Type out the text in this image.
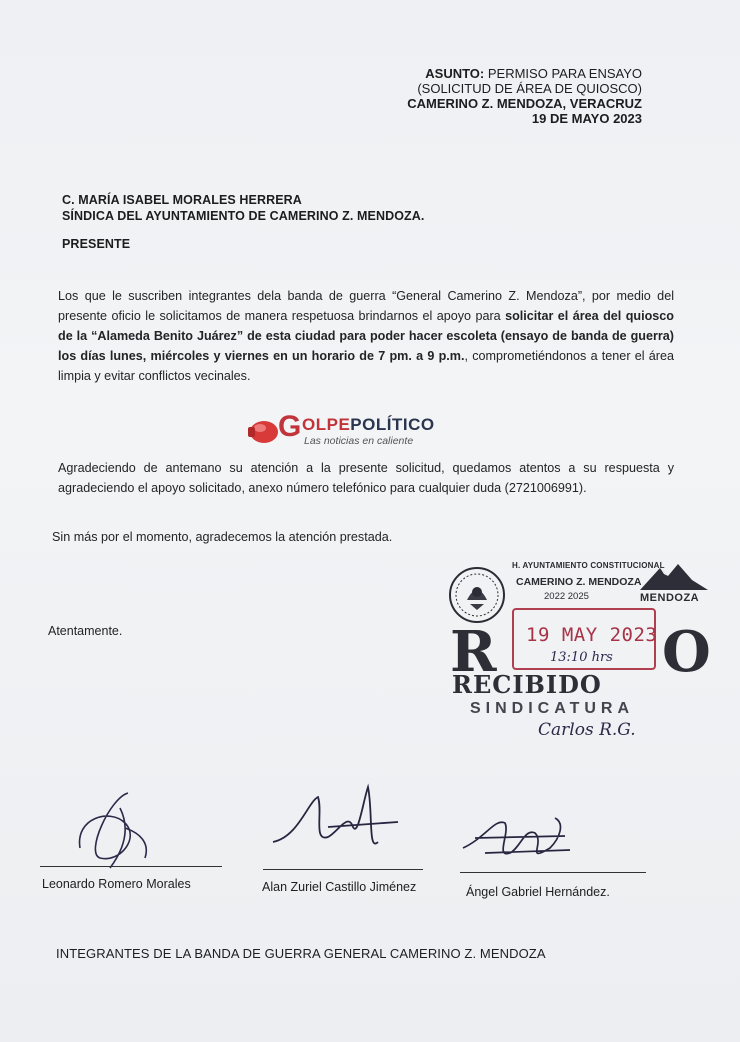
ASUNTO: PERMISO PARA ENSAYO
(SOLICITUD DE ÁREA DE QUIOSCO)
CAMERINO Z. MENDOZA, VERACRUZ
19 DE MAYO 2023
C. MARÍA ISABEL MORALES HERRERA
SÍNDICA DEL AYUNTAMIENTO DE CAMERINO Z. MENDOZA.
PRESENTE
Los que le suscriben integrantes dela banda de guerra “General Camerino Z. Mendoza”, por medio del presente oficio le solicitamos de manera respetuosa brindarnos el apoyo para solicitar el área del quiosco de la “Alameda Benito Juárez” de esta ciudad para poder hacer escoleta (ensayo de banda de guerra) los días lunes, miércoles y viernes en un horario de 7 pm. a 9 p.m., comprometiéndonos a tener el área limpia y evitar conflictos vecinales.
G OLPEPOLÍTICO
Las noticias en caliente
Agradeciendo de antemano su atención a la presente solicitud, quedamos atentos a su respuesta y agradeciendo el apoyo solicitado, anexo número telefónico para cualquier duda (2721006991).
Sin más por el momento, agradecemos la atención prestada.
Atentamente.
H. AYUNTAMIENTO CONSTITUCIONAL
CAMERINO Z. MENDOZA
2022 2025	MENDOZA
19 MAY 2023
13:10 hrs
R	O
RECIBIDO
SINDICATURA
Carlos R.G.
Leonardo Romero Morales	Alan Zuriel Castillo Jiménez	Ángel Gabriel Hernández.
INTEGRANTES DE LA BANDA DE GUERRA GENERAL CAMERINO Z. MENDOZA
